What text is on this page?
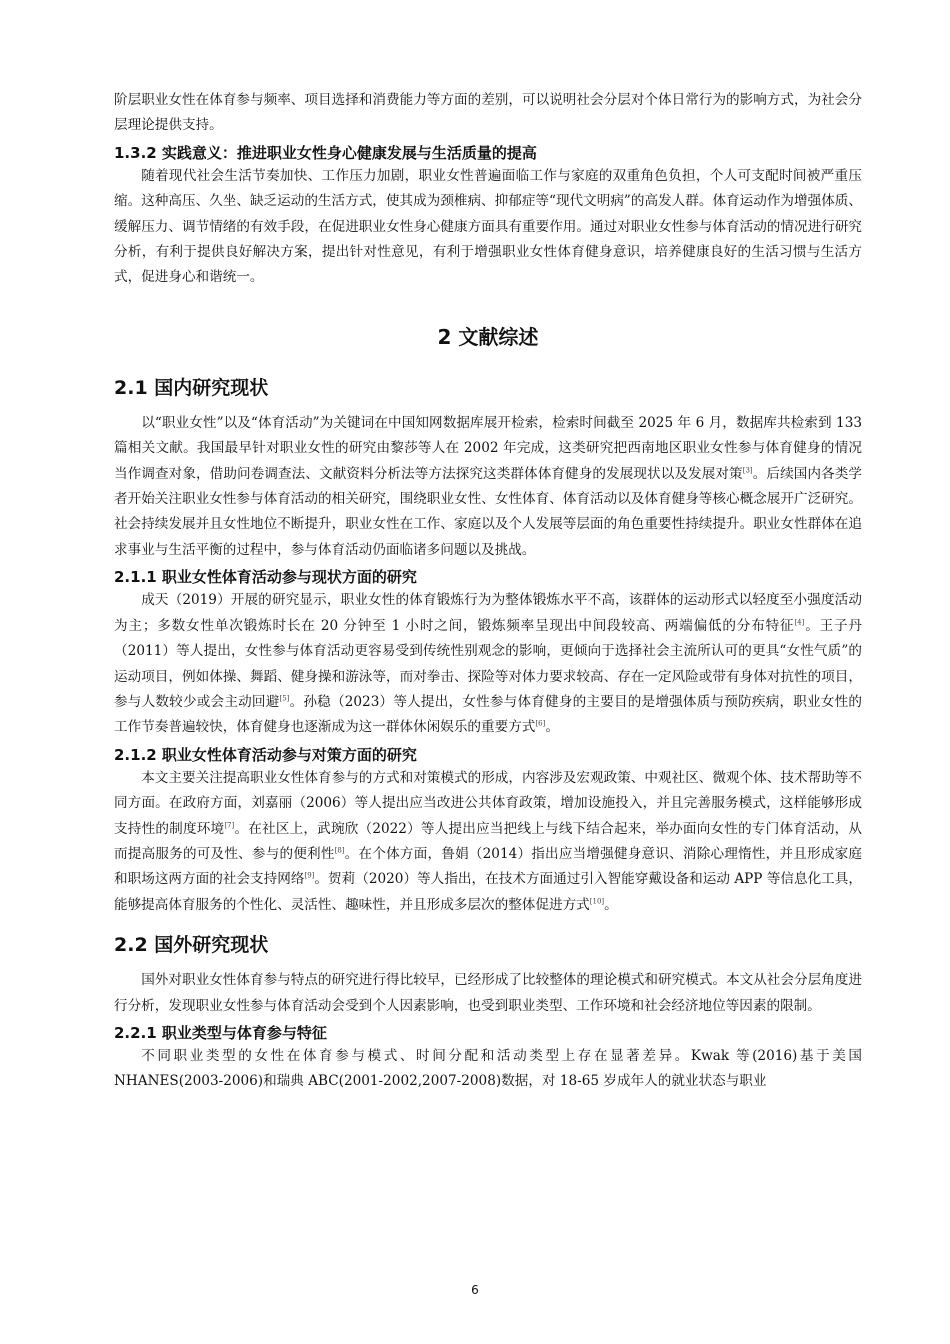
阶层职业女性在体育参与频率、项目选择和消费能力等方面的差别，可以说明社会分层对个体日常行为的影响方式，为社会分层理论提供支持。

1.3.2 实践意义：推进职业女性身心健康发展与生活质量的提高

随着现代社会生活节奏加快、工作压力加剧，职业女性普遍面临工作与家庭的双重角色负担，个人可支配时间被严重压缩。这种高压、久坐、缺乏运动的生活方式，使其成为颈椎病、抑郁症等“现代文明病”的高发人群。体育运动作为增强体质、缓解压力、调节情绪的有效手段，在促进职业女性身心健康方面具有重要作用。通过对职业女性参与体育活动的情况进行研究分析，有利于提供良好解决方案，提出针对性意见，有利于增强职业女性体育健身意识，培养健康良好的生活习惯与生活方式，促进身心和谐统一。

2 文献综述
2.1 国内研究现状

以“职业女性”以及“体育活动”为关键词在中国知网数据库展开检索，检索时间截至 2025 年 6 月，数据库共检索到 133 篇相关文献。我国最早针对职业女性的研究由黎莎等人在 2002 年完成，这类研究把西南地区职业女性参与体育健身的情况当作调查对象，借助问卷调查法、文献资料分析法等方法探究这类群体体育健身的发展现状以及发展对策[3]。后续国内各类学者开始关注职业女性参与体育活动的相关研究，围绕职业女性、女性体育、体育活动以及体育健身等核心概念展开广泛研究。社会持续发展并且女性地位不断提升，职业女性在工作、家庭以及个人发展等层面的角色重要性持续提升。职业女性群体在追求事业与生活平衡的过程中，参与体育活动仍面临诸多问题以及挑战。

2.1.1 职业女性体育活动参与现状方面的研究

成天（2019）开展的研究显示，职业女性的体育锻炼行为为整体锻炼水平不高，该群体的运动形式以轻度至小强度活动为主；多数女性单次锻炼时长在 20 分钟至 1 小时之间，锻炼频率呈现出中间段较高、两端偏低的分布特征[4]。王子丹（2011）等人提出，女性参与体育活动更容易受到传统性别观念的影响，更倾向于选择社会主流所认可的更具“女性气质”的运动项目，例如体操、舞蹈、健身操和游泳等，而对拳击、探险等对体力要求较高、存在一定风险或带有身体对抗性的项目，参与人数较少或会主动回避[5]。孙稳（2023）等人提出，女性参与体育健身的主要目的是增强体质与预防疾病，职业女性的工作节奏普遍较快，体育健身也逐渐成为这一群体休闲娱乐的重要方式[6]。

2.1.2 职业女性体育活动参与对策方面的研究

本文主要关注提高职业女性体育参与的方式和对策模式的形成，内容涉及宏观政策、中观社区、微观个体、技术帮助等不同方面。在政府方面，刘嘉丽（2006）等人提出应当改进公共体育政策，增加设施投入，并且完善服务模式，这样能够形成支持性的制度环境[7]。在社区上，武琬欣（2022）等人提出应当把线上与线下结合起来，举办面向女性的专门体育活动，从而提高服务的可及性、参与的便利性[8]。在个体方面，鲁娟（2014）指出应当增强健身意识、消除心理惰性，并且形成家庭和职场这两方面的社会支持网络[9]。贺莉（2020）等人指出，在技术方面通过引入智能穿戴设备和运动 APP 等信息化工具，能够提高体育服务的个性化、灵活性、趣味性，并且形成多层次的整体促进方式[10]。

2.2 国外研究现状

国外对职业女性体育参与特点的研究进行得比较早，已经形成了比较整体的理论模式和研究模式。本文从社会分层角度进行分析，发现职业女性参与体育活动会受到个人因素影响，也受到职业类型、工作环境和社会经济地位等因素的限制。

2.2.1 职业类型与体育参与特征

不同职业类型的女性在体育参与模式、时间分配和活动类型上存在显著差异。Kwak 等(2016)基于美国 NHANES(2003-2006)和瑞典 ABC(2001-2002,2007-2008)数据，对 18-65 岁成年人的就业状态与职业

6
